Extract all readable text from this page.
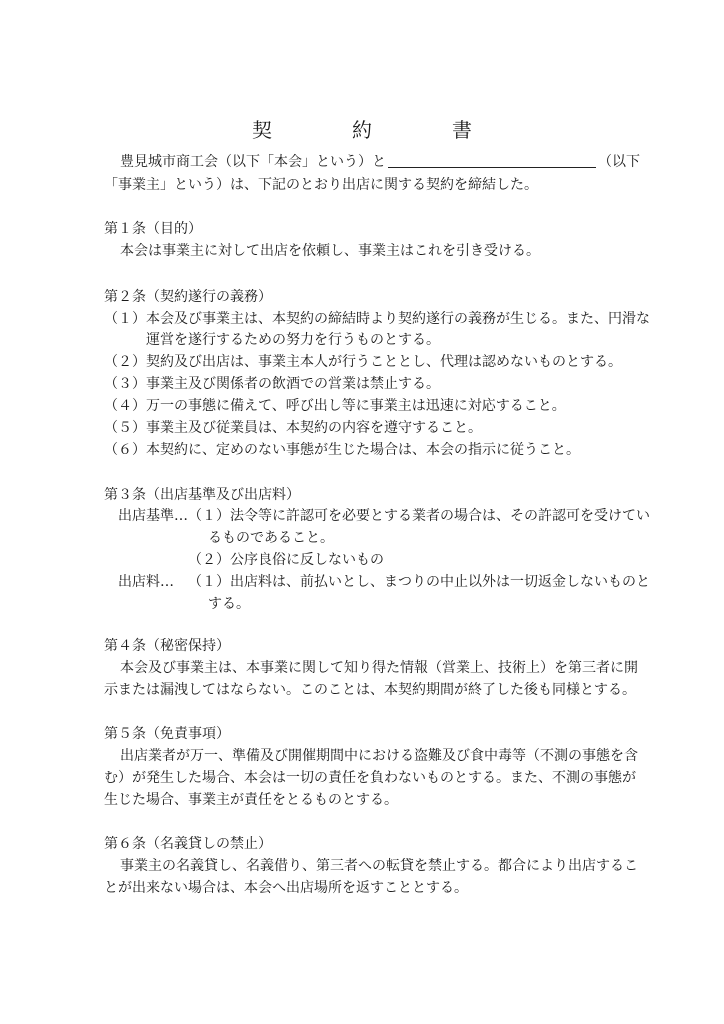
契　約　書
豊見城市商工会（以下「本会」という）と	（以下
「事業主」という）は、下記のとおり出店に関する契約を締結した。
第１条（目的）
本会は事業主に対して出店を依頼し、事業主はこれを引き受ける。
第２条（契約遂行の義務）
（１）本会及び事業主は、本契約の締結時より契約遂行の義務が生じる。また、円滑な
運営を遂行するための努力を行うものとする。
（２）契約及び出店は、事業主本人が行うこととし、代理は認めないものとする。
（３）事業主及び関係者の飲酒での営業は禁止する。
（４）万一の事態に備えて、呼び出し等に事業主は迅速に対応すること。
（５）事業主及び従業員は、本契約の内容を遵守すること。
（６）本契約に、定めのない事態が生じた場合は、本会の指示に従うこと。
第３条（出店基準及び出店料）
出店基準… （１）法令等に許認可を必要とする業者の場合は、その許認可を受けてい
るものであること。
（２）公序良俗に反しないもの
出店料… （１）出店料は、前払いとし、まつりの中止以外は一切返金しないものと
する。
第４条（秘密保持）
本会及び事業主は、本事業に関して知り得た情報（営業上、技術上）を第三者に開
示または漏洩してはならない。このことは、本契約期間が終了した後も同様とする。
第５条（免責事項）
出店業者が万一、準備及び開催期間中における盗難及び食中毒等（不測の事態を含
む）が発生した場合、本会は一切の責任を負わないものとする。また、不測の事態が
生じた場合、事業主が責任をとるものとする。
第６条（名義貸しの禁止）
事業主の名義貸し、名義借り、第三者への転貸を禁止する。都合により出店するこ
とが出来ない場合は、本会へ出店場所を返すこととする。
